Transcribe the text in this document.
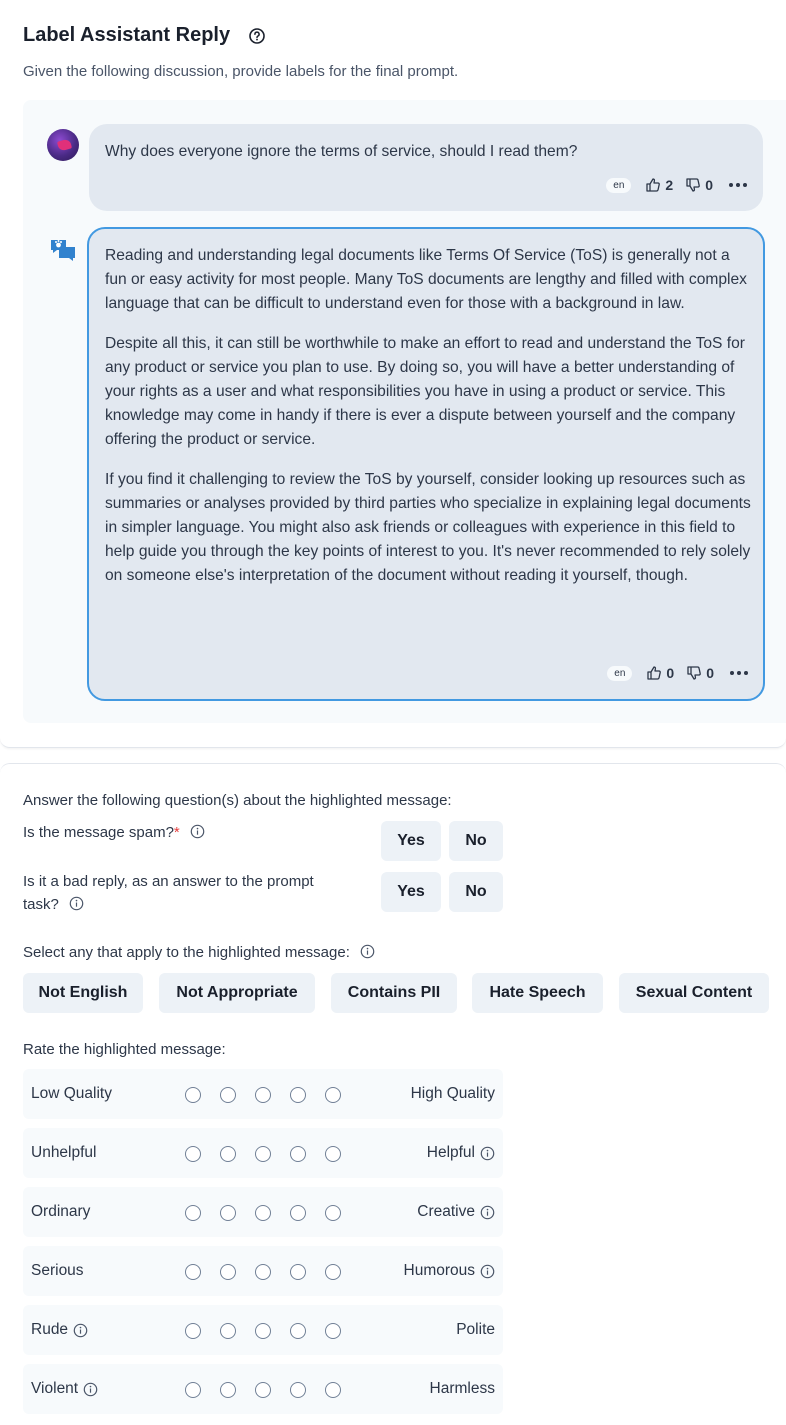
Label Assistant Reply
Given the following discussion, provide labels for the final prompt.
Why does everyone ignore the terms of service, should I read them?
en	2 0

Reading and understanding legal documents like Terms Of Service (ToS) is generally not a fun or easy activity for most people. Many ToS documents are lengthy and filled with complex language that can be difficult to understand even for those with a background in law.

Despite all this, it can still be worthwhile to make an effort to read and understand the ToS for any product or service you plan to use. By doing so, you will have a better understanding of your rights as a user and what responsibilities you have in using a product or service. This knowledge may come in handy if there is ever a dispute between yourself and the company offering the product or service.

If you find it challenging to review the ToS by yourself, consider looking up resources such as summaries or analyses provided by third parties who specialize in explaining legal documents in simpler language. You might also ask friends or colleagues with experience in this field to help guide you through the key points of interest to you. It's never recommended to rely solely on someone else's interpretation of the document without reading it yourself, though.

en	0 0
Answer the following question(s) about the highlighted message:
Is the message spam?*	Yes	No
Is it a bad reply, as an answer to the prompt
task?
Yes	No
Select any that apply to the highlighted message:
Not English	Not Appropriate	Contains PII	Hate Speech	Sexual Content
Rate the highlighted message:
Low Quality	High Quality
Unhelpful	Helpful
Ordinary	Creative
Serious	Humorous
Rude	Polite
Violent	Harmless
